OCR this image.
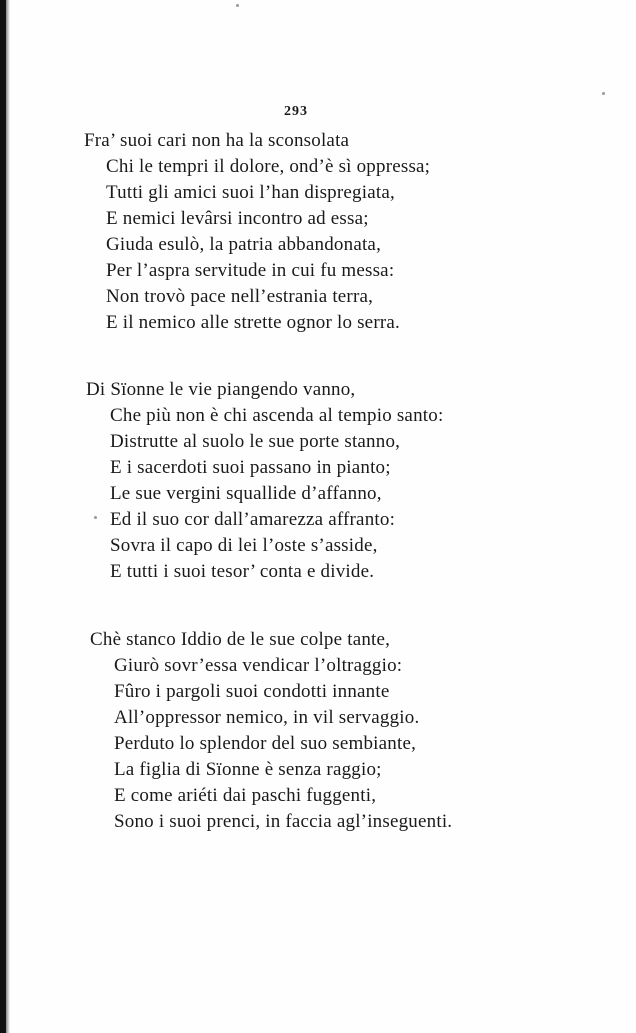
293
Fra’ suoi cari non ha la sconsolata
Chi le tempri il dolore, ond’è sì oppressa;
Tutti gli amici suoi l’han dispregiata,
E nemici levârsi incontro ad essa;
Giuda esulò, la patria abbandonata,
Per l’aspra servitude in cui fu messa:
Non trovò pace nell’estrania terra,
E il nemico alle strette ognor lo serra.
Di Sïonne le vie piangendo vanno,
Che più non è chi ascenda al tempio santo:
Distrutte al suolo le sue porte stanno,
E i sacerdoti suoi passano in pianto;
Le sue vergini squallide d’affanno,
Ed il suo cor dall’amarezza affranto:
Sovra il capo di lei l’oste s’asside,
E tutti i suoi tesor’ conta e divide.
Chè stanco Iddio de le sue colpe tante,
Giurò sovr’essa vendicar l’oltraggio:
Fûro i pargoli suoi condotti innante
All’oppressor nemico, in vil servaggio.
Perduto lo splendor del suo sembiante,
La figlia di Sïonne è senza raggio;
E come ariéti dai paschi fuggenti,
Sono i suoi prenci, in faccia agl’inseguenti.
